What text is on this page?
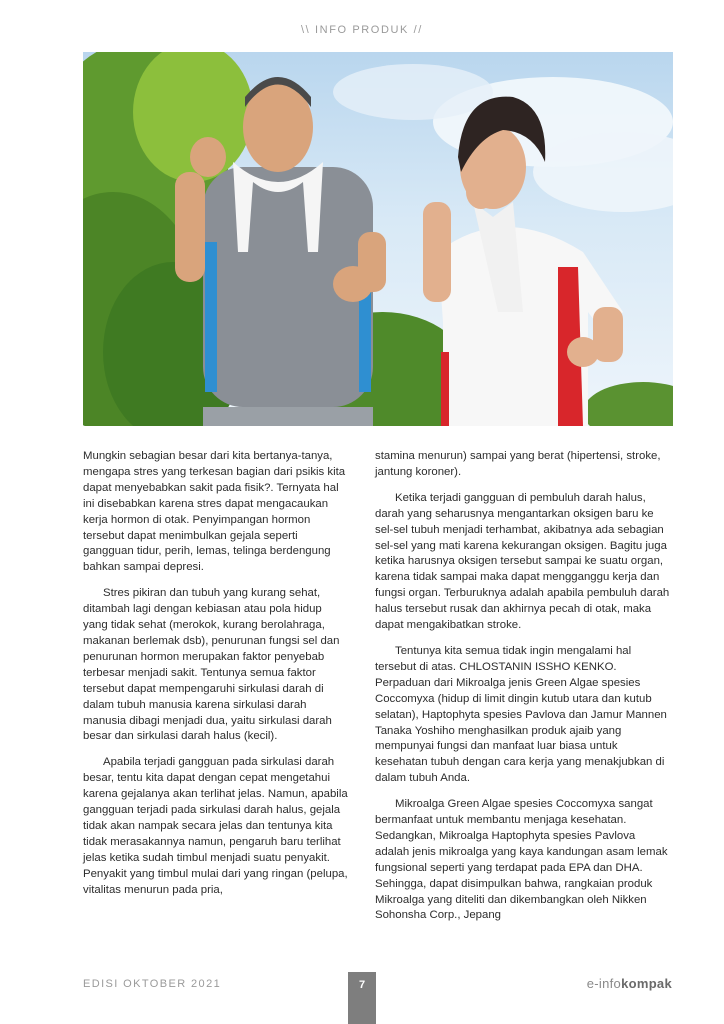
\\ INFO PRODUK //

Mungkin sebagian besar dari kita bertanya-tanya, mengapa stres yang terkesan bagian dari psikis kita dapat menyebabkan sakit pada fisik?. Ternyata hal ini disebabkan karena stres dapat mengacaukan kerja hormon di otak. Penyimpangan hormon tersebut dapat menimbulkan gejala seperti gangguan tidur, perih, lemas, telinga berdengung bahkan sampai depresi.

Stres pikiran dan tubuh yang kurang sehat, ditambah lagi dengan kebiasan atau pola hidup yang tidak sehat (merokok, kurang berolahraga, makanan berlemak dsb), penurunan fungsi sel dan penurunan hormon merupakan faktor penyebab terbesar menjadi sakit. Tentunya semua faktor tersebut dapat mempengaruhi sirkulasi darah di dalam tubuh manusia karena sirkulasi darah manusia dibagi menjadi dua, yaitu sirkulasi darah besar dan sirkulasi darah halus (kecil).

Apabila terjadi gangguan pada sirkulasi darah besar, tentu kita dapat dengan cepat mengetahui karena gejalanya akan terlihat jelas. Namun, apabila gangguan terjadi pada sirkulasi darah halus, gejala tidak akan nampak secara jelas dan tentunya kita tidak merasakannya namun, pengaruh baru terlihat jelas ketika sudah timbul menjadi suatu penyakit. Penyakit yang timbul mulai dari yang ringan (pelupa, vitalitas menurun pada pria,

stamina menurun) sampai yang berat (hipertensi, stroke, jantung koroner).

Ketika terjadi gangguan di pembuluh darah halus, darah yang seharusnya mengantarkan oksigen baru ke sel-sel tubuh menjadi terhambat, akibatnya ada sebagian sel-sel yang mati karena kekurangan oksigen. Bagitu juga ketika harusnya oksigen tersebut sampai ke suatu organ, karena tidak sampai maka dapat mengganggu kerja dan fungsi organ. Terburuknya adalah apabila pembuluh darah halus tersebut rusak dan akhirnya pecah di otak, maka dapat mengakibatkan stroke.

Tentunya kita semua tidak ingin mengalami hal tersebut di atas. CHLOSTANIN ISSHO KENKO. Perpaduan dari Mikroalga jenis Green Algae spesies Coccomyxa (hidup di limit dingin kutub utara dan kutub selatan), Haptophyta spesies Pavlova dan Jamur Mannen Tanaka Yoshiho menghasilkan produk ajaib yang mempunyai fungsi dan manfaat luar biasa untuk kesehatan tubuh dengan cara kerja yang menakjubkan di dalam tubuh Anda.

Mikroalga Green Algae spesies Coccomyxa sangat bermanfaat untuk membantu menjaga kesehatan. Sedangkan, Mikroalga Haptophyta spesies Pavlova adalah jenis mikroalga yang kaya kandungan asam lemak fungsional seperti yang terdapat pada EPA dan DHA. Sehingga, dapat disimpulkan bahwa, rangkaian produk Mikroalga yang diteliti dan dikembangkan oleh Nikken Sohonsha Corp., Jepang

EDISI OKTOBER 2021	7	e-infokompak
